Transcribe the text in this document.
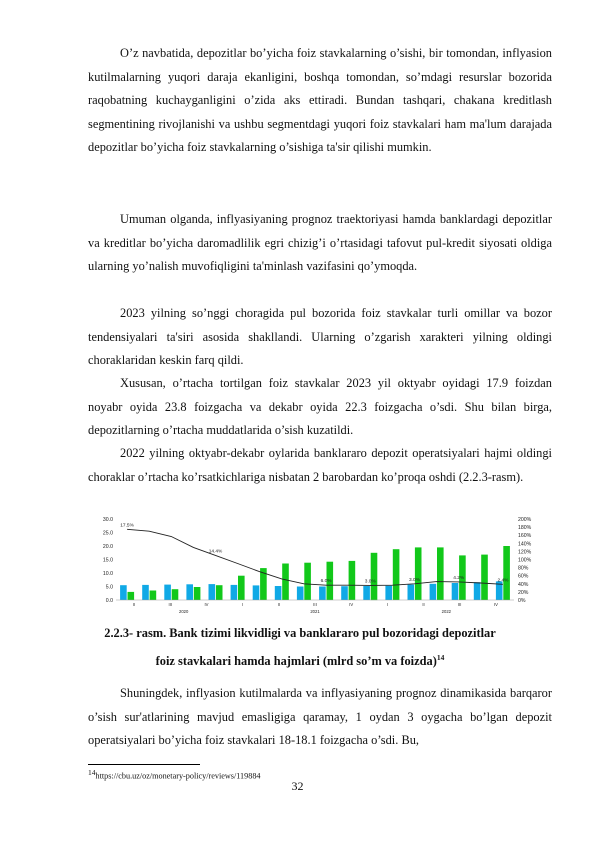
O’z navbatida, depozitlar bo’yicha foiz stavkalarning o’sishi, bir tomondan, inflyasion kutilmalarning yuqori daraja ekanligini, boshqa tomondan, so’mdagi resurslar bozorida raqobatning kuchayganligini o’zida aks ettiradi. Bundan tashqari, chakana kreditlash segmentining rivojlanishi va ushbu segmentdagi yuqori foiz stavkalari ham ma'lum darajada depozitlar bo’yicha foiz stavkalarning o’sishiga ta'sir qilishi mumkin.

Umuman olganda, inflyasiyaning prognoz traektoriyasi hamda banklardagi depozitlar va kreditlar bo’yicha daromadlilik egri chizig’i o’rtasidagi tafovut pul-kredit siyosati oldiga ularning yo’nalish muvofiqligini ta'minlash vazifasini qo’ymoqda.

2023 yilning so’nggi choragida pul bozorida foiz stavkalar turli omillar va bozor tendensiyalari ta'siri asosida shakllandi. Ularning o’zgarish xarakteri yilning oldingi choraklaridan keskin farq qildi.

Xususan, o’rtacha tortilgan foiz stavkalar 2023 yil oktyabr oyidagi 17.9 foizdan noyabr oyida 23.8 foizgacha va dekabr oyida 22.3 foizgacha o’sdi. Shu bilan birga, depozitlarning o’rtacha muddatlarida o’sish kuzatildi.

2022 yilning oktyabr-dekabr oylarida banklararo depozit operatsiyalari hajmi oldingi choraklar o’rtacha ko’rsatkichlariga nisbatan 2 barobardan ko’proqa oshdi (2.2.3-rasm).

30.0
25.0
20.0
15.0
10.0
5.0
0.0
200%
180%
160%
140%
120%
100%
80%
60%
40%
20%
0%
17.5%
14.4%
6.0%	3.0%	3.0%	4.2%	2.4%
II	III	IV	I	II	III	IV	I	II	III	IV
2020	2021	2022

2.2.3- rasm. Bank tizimi likvidligi va banklararo pul bozoridagi depozitlar

foiz stavkalari hamda hajmlari (mlrd so’m va foizda)$^{14}$

Shuningdek, inflyasion kutilmalarda va inflyasiyaning prognoz dinamikasida barqaror o’sish sur'atlarining mavjud emasligiga qaramay, 1 oydan 3 oygacha bo’lgan depozit operatsiyalari bo’yicha foiz stavkalari 18-18.1 foizgacha o’sdi. Bu,

$^{14}$https://cbu.uz/oz/monetary-policy/reviews/119884

32
